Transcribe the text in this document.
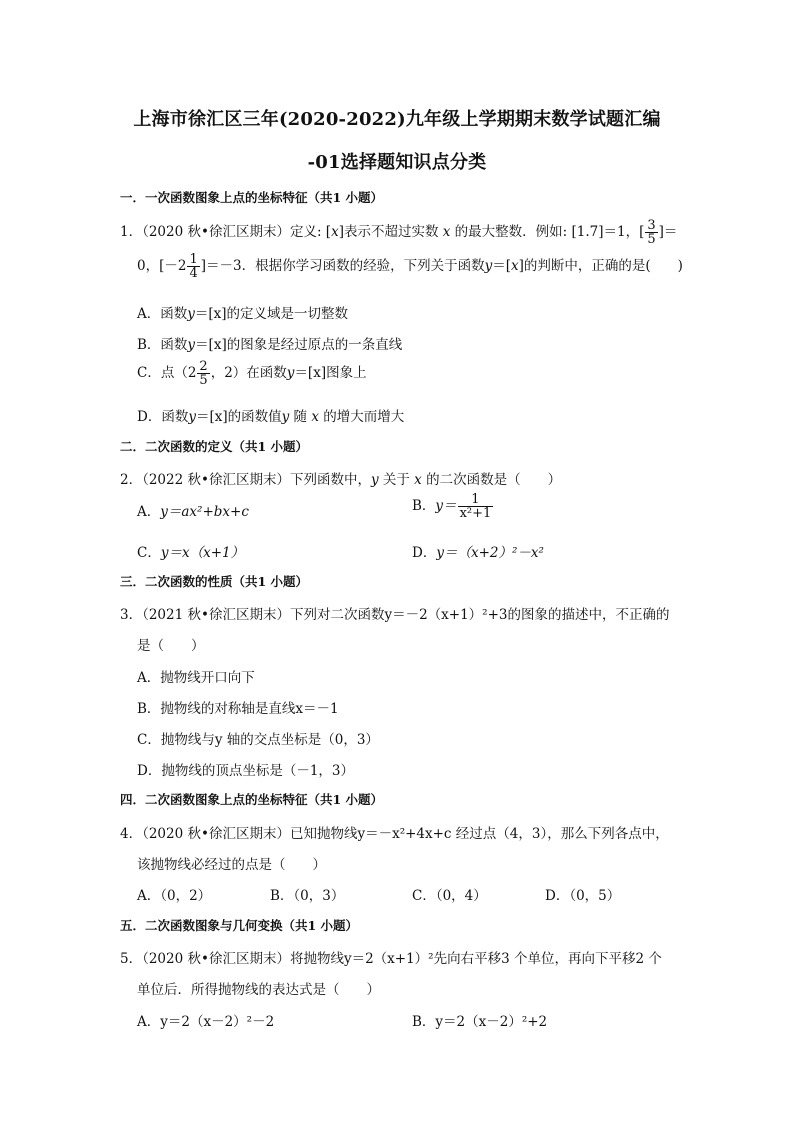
上海市徐汇区三年(2020-2022)九年级上学期期末数学试题汇编
-01选择题知识点分类
一．一次函数图象上点的坐标特征（共1 小题）
1．（2020 秋•徐汇区期末）定义: [x]表示不超过实数 x 的最大整数．例如: [1.7]＝1，[ $\frac{3}{5}$ ]＝
0，$[-2 \frac{1}{4} ]=-3$．根据你学习函数的经验，下列关于函数y＝[x]的判断中，正确的是(　　)
A．函数y＝[x]的定义域是一切整数
B．函数y＝[x]的图象是经过原点的一条直线
C．点（$2 \frac{2}{5}$ ，2）在函数y＝[x]图象上
D．函数y＝[x]的函数值y 随 x 的增大而增大
二．二次函数的定义（共1 小题）
2．（2022 秋•徐汇区期末）下列函数中，y 关于 x 的二次函数是（　　）
A．y＝ax²+bx+c	B．$y= \frac{1}{\text{x²+1}}$
C．y＝x（x+1）	D．y＝（x+2）²－x²
三．二次函数的性质（共1 小题）
3．（2021 秋•徐汇区期末）下列对二次函数y＝－2（x+1）²+3的图象的描述中，不正确的
是（　　）
A．抛物线开口向下
B．抛物线的对称轴是直线x＝－1
C．抛物线与y 轴的交点坐标是（0，3）
D．抛物线的顶点坐标是（－1，3）
四．二次函数图象上点的坐标特征（共1 小题）
4．（2020 秋•徐汇区期末）已知抛物线y＝－x²+4x+c 经过点（4，3），那么下列各点中，
该抛物线必经过的点是（　　）
A．（0，2）	B．（0，3）	C．（0，4）	D．（0，5）
五．二次函数图象与几何变换（共1 小题）
5．（2020 秋•徐汇区期末）将抛物线y＝2（x+1）²先向右平移3 个单位，再向下平移2 个
单位后．所得抛物线的表达式是（　　）
A．y＝2（x－2）²－2	B．y＝2（x－2）²+2
